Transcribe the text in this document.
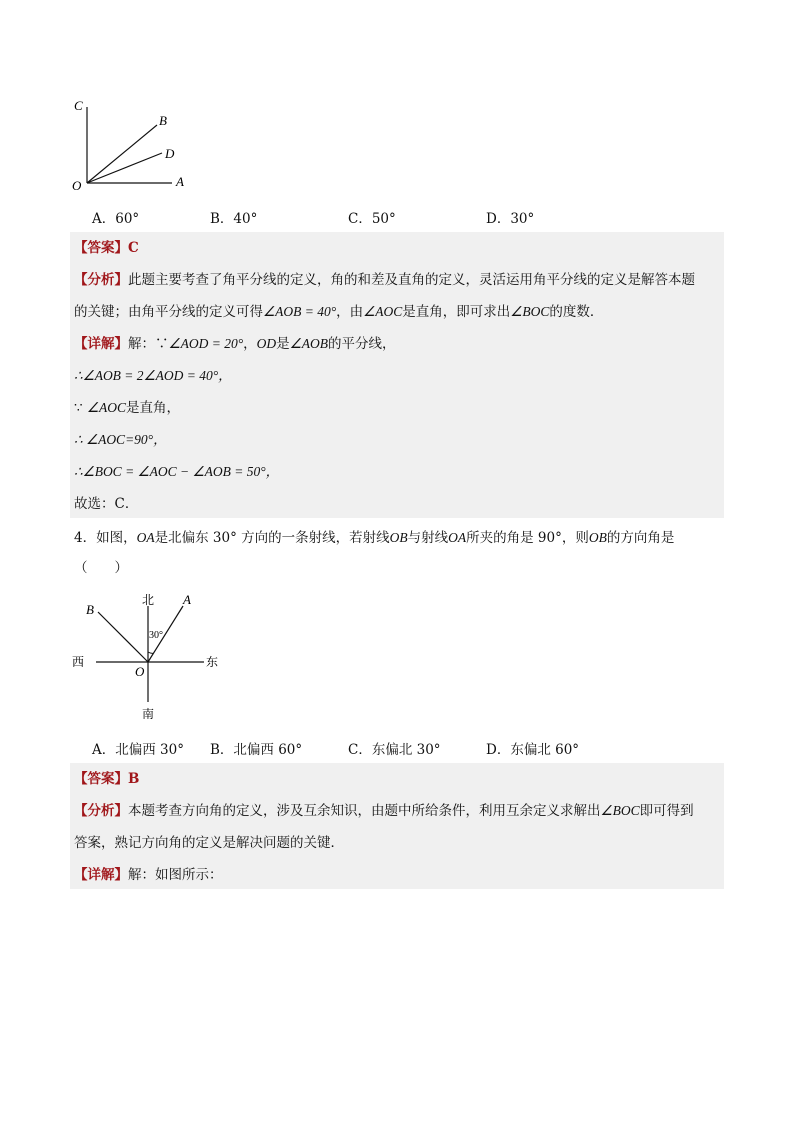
C
B
D
O	A
A．60°	B．40°	C．50°	D．30°
【答案】C
【分析】此题主要考查了角平分线的定义，角的和差及直角的定义，灵活运用角平分线的定义是解答本题
的关键；由角平分线的定义可得∠AOB = 40°，由∠AOC是直角，即可求出∠BOC的度数．
【详解】解：∵∠AOD = 20°，OD是∠AOB的平分线，
∴∠AOB = 2∠AOD = 40°，
∵ ∠AOC是直角，
∴ ∠AOC=90°，
∴∠BOC = ∠AOC − ∠AOB = 50°，
故选：C．
4．如图，OA是北偏东 30° 方向的一条射线，若射线OB与射线OA所夹的角是 90°，则OB的方向角是
（　　）
北
南
东
西
A
B
O
30°
A．北偏西 30° B．北偏西 60°	C．东偏北 30°	D．东偏北 60°
【答案】B
【分析】本题考查方向角的定义，涉及互余知识，由题中所给条件，利用互余定义求解出∠BOC即可得到
答案，熟记方向角的定义是解决问题的关键．
【详解】解：如图所示：
